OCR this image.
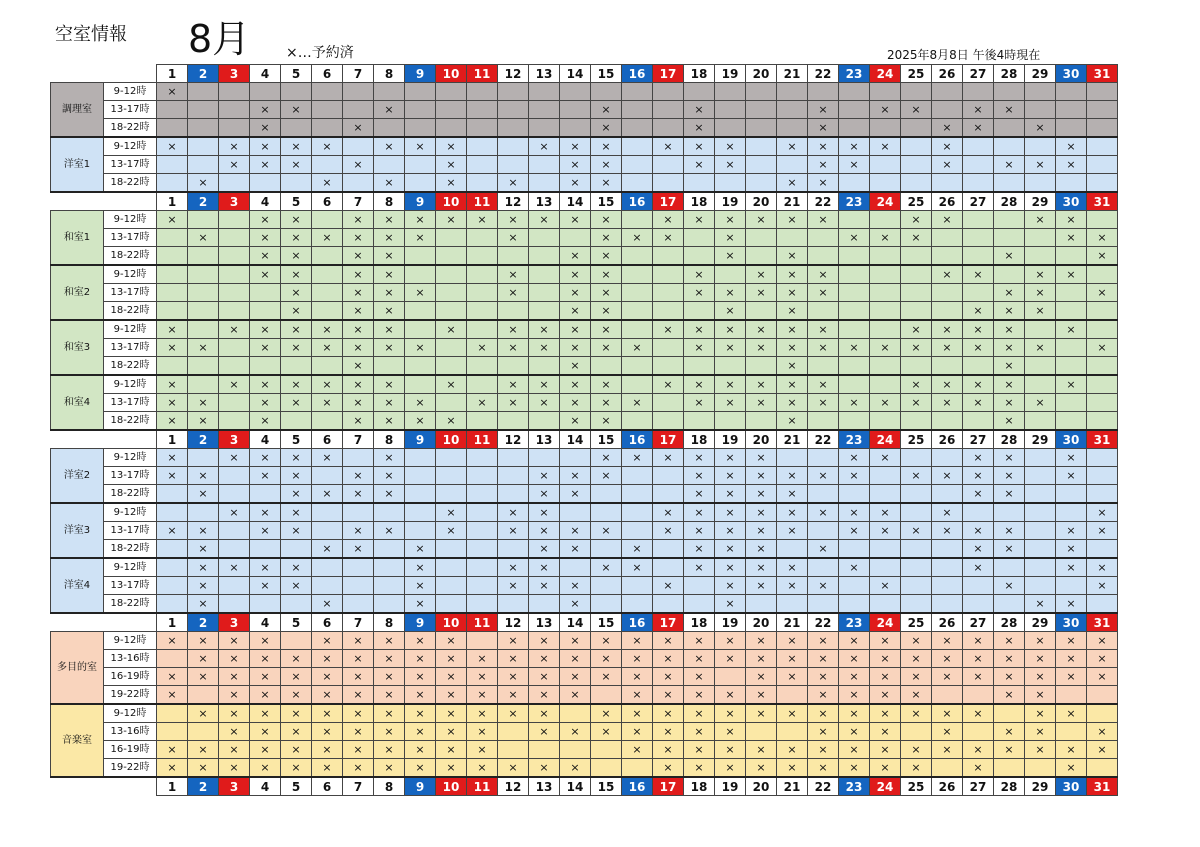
空室情報 8月	×…予約済	2025年8月8日 午後4時現在
		1	2	3	4	5	6	7	8	9	10	11	12	13	14	15	16	17	18	19	20	21	22	23	24	25	26	27	28	29	30	31
調理室	9-12時	×																														
	13-17時				×	×			×							×			×				×		×	×		×	×			
	18-22時				×			×								×			×				×				×	×		×		
洋室1	9-12時	×		×	×	×	×		×	×	×			×	×	×		×	×	×		×	×	×	×		×				×	
	13-17時			×	×	×		×			×				×	×			×	×			×	×			×		×	×	×	
	18-22時		×				×		×		×		×		×	×						×	×									
		1	2	3	4	5	6	7	8	9	10	11	12	13	14	15	16	17	18	19	20	21	22	23	24	25	26	27	28	29	30	31
和室1	9-12時	×			×	×		×	×	×	×	×	×	×	×	×		×	×	×	×	×	×			×	×			×	×	
	13-17時		×		×	×	×	×	×	×			×			×	×	×		×				×	×	×					×	×
	18-22時				×	×		×	×						×	×				×		×							×			×
和室2	9-12時				×	×		×	×				×		×	×			×		×	×	×				×	×		×	×	
	13-17時					×		×	×	×			×		×	×			×	×	×	×	×						×	×		×
	18-22時					×		×	×						×	×				×		×						×	×	×		
和室3	9-12時	×		×	×	×	×	×	×		×		×	×	×	×		×	×	×	×	×	×			×	×	×	×		×	
	13-17時	×	×		×	×	×	×	×	×		×	×	×	×	×	×		×	×	×	×	×	×	×	×	×	×	×	×		×
	18-22時							×							×							×							×			
和室4	9-12時	×		×	×	×	×	×	×		×		×	×	×	×		×	×	×	×	×	×			×	×	×	×		×	
	13-17時	×	×		×	×	×	×	×	×		×	×	×	×	×	×		×	×	×	×	×	×	×	×	×	×	×	×		
	18-22時	×	×		×			×	×	×	×				×	×						×							×			
		1	2	3	4	5	6	7	8	9	10	11	12	13	14	15	16	17	18	19	20	21	22	23	24	25	26	27	28	29	30	31
洋室2	9-12時	×		×	×	×	×		×							×	×	×	×	×	×			×	×			×	×		×	
	13-17時	×	×		×	×		×	×					×	×	×			×	×	×	×	×	×		×	×	×	×		×	
	18-22時		×			×	×	×	×					×	×				×	×	×	×						×	×			
洋室3	9-12時			×	×	×					×		×	×				×	×	×	×	×	×	×	×		×					×
	13-17時	×	×		×	×		×	×		×		×	×	×	×		×	×	×	×	×		×	×	×	×	×	×		×	×
	18-22時		×				×	×		×				×	×		×		×	×	×		×					×	×		×	
洋室4	9-12時		×	×	×	×				×			×	×		×	×		×	×	×	×		×				×			×	×
	13-17時		×		×	×				×			×	×	×			×		×	×	×	×		×				×			×
	18-22時		×				×			×					×					×										×	×	
		1	2	3	4	5	6	7	8	9	10	11	12	13	14	15	16	17	18	19	20	21	22	23	24	25	26	27	28	29	30	31
多目的室	9-12時	×	×	×	×		×	×	×	×	×		×	×	×	×	×	×	×	×	×	×	×	×	×	×	×	×	×	×	×	×
	13-16時		×	×	×	×	×	×	×	×	×	×	×	×	×	×	×	×	×	×	×	×	×	×	×	×	×	×	×	×	×	×
	16-19時	×	×	×	×	×	×	×	×	×	×	×	×	×	×	×	×	×	×		×	×	×	×	×	×	×	×	×	×	×	×
	19-22時	×		×	×	×	×	×	×	×	×	×	×	×	×		×	×	×	×	×		×	×	×	×			×	×		
音楽室	9-12時		×	×	×	×	×	×	×	×	×	×	×	×		×	×	×	×	×	×	×	×	×	×	×	×	×		×	×	
	13-16時			×	×	×	×	×	×	×	×	×		×	×	×	×	×	×	×			×	×	×		×		×	×		×
	16-19時	×	×	×	×	×	×	×	×	×	×	×					×	×	×	×	×	×	×	×	×	×	×	×	×	×	×	×
	19-22時	×	×	×	×	×	×	×	×	×	×	×	×	×	×			×	×	×	×	×	×	×	×	×		×			×	
		1	2	3	4	5	6	7	8	9	10	11	12	13	14	15	16	17	18	19	20	21	22	23	24	25	26	27	28	29	30	31
